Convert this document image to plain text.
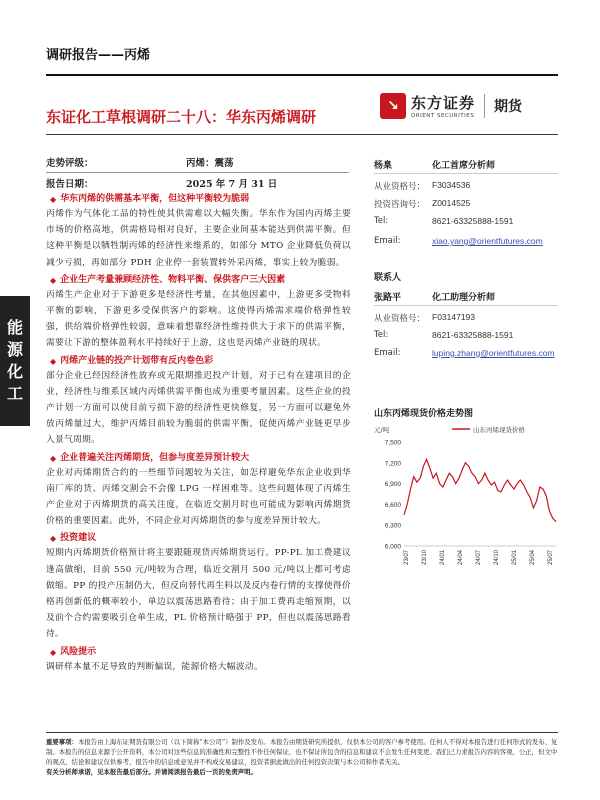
调研报告——丙烯
↘ 东方证券
ORIENT SECURITIES
期货
东证化工草根调研二十八：华东丙烯调研
能
源
化
工
走势评级：	丙烯：震荡
报告日期：	2025 年 7 月 31 日
◆ 华东丙烯的供需基本平衡，但这种平衡较为脆弱
丙烯作为气体化工品的特性使其供需难以大幅失衡。华东作为国内丙烯主要市场的价格高地，供需格局相对良好，主要企业间基本能达到供需平衡。但这种平衡是以牺牲制丙烯的经济性来维系的，如部分 MTO 企业降低负荷以减少亏损，再如部分 PDH 企业停一套装置转外采丙烯，事实上较为脆弱。
◆ 企业生产考量兼顾经济性、物料平衡、保供客户三大因素
丙烯生产企业对于下游更多是经济性考量，在其他因素中，上游更多受物料平衡的影响，下游更多受保供客户的影响。这使得丙烯需求端价格弹性较强，供给端价格弹性较弱，意味着想靠经济性维持供大于求下的供需平衡，需要让下游的整体盈利水平持续好于上游，这也是丙烯产业链的现状。
◆ 丙烯产业链的投产计划带有反内卷色彩
部分企业已经因经济性放弃或无限期推迟投产计划，对于已有在建项目的企业，经济性与维系区域内丙烯供需平衡也成为重要考量因素。这些企业的投产计划一方面可以使目前亏损下游的经济性更快修复，另一方面可以避免外放丙烯量过大，维护丙烯目前较为脆弱的供需平衡，促使丙烯产业链更早步入景气周期。
◆ 企业普遍关注丙烯期货，但参与度差异预计较大
企业对丙烯期货合约的一些细节问题较为关注，如怎样避免华东企业收到华南厂库的货、丙烯交割会不会像 LPG 一样困难等。这些问题体现了丙烯生产企业对于丙烯期货的高关注度，在临近交割月时也可能成为影响丙烯期货价格的重要因素。此外，不同企业对丙烯期货的参与度差异预计较大。
◆ 投资建议
短期内丙烯期货价格预计将主要跟随现货丙烯期货运行。PP-PL 加工费建议逢高做缩，目前 550 元/吨较为合理，临近交割月 500 元/吨以上都可考虑做缩。PP 的投产压制仍大，但反向替代再生料以及反内卷行情的支撑使得价格再创新低的概率较小，单边以震荡思路看待；由于加工费再走缩预期，以及前个合约需要吸引仓单生成，PL 价格预计略强于 PP，但也以震荡思路看待。
◆ 风险提示
调研样本量不足导致的判断偏误，能源价格大幅波动。
杨臬	化工首席分析师
从业资格号： F3034536
投资咨询号： Z0014525
Tel:	8621-63325888-1591
Email:	xiao.yang@orientfutures.com
联系人
张路平	化工助理分析师
从业资格号： F03147193
Tel:	8621-63325888-1591
Email:	luping.zhang@orientfutures.com
山东丙烯现货价格走势图
元/吨	山东丙烯现货价格
6,000
6,300
6,600
6,900
7,200
7,500
23/07 23/10 24/01 24/04 24/07 24/10 25/01 25/04 25/07
重要事项：本报告由上海东证期货有限公司（以下简称“本公司”）制作及发布。本报告由期货研究所提供，仅供本公司的客户参考使用。任何人不得对本报告进行任何形式的发布、复制。本报告的信息来源于公开资料，本公司对这些信息的准确性和完整性不作任何保证，也不保证所包含的信息和建议不会发生任何变更。我们已力求报告内容的客观、公正，但文中的观点、结论和建议仅供参考，报告中的信息或意见并不构成交易建议，投资者据此做出的任何投资决策与本公司和作者无关。
有关分析师承诺，见本报告最后部分。并请阅读报告最后一页的免责声明。
